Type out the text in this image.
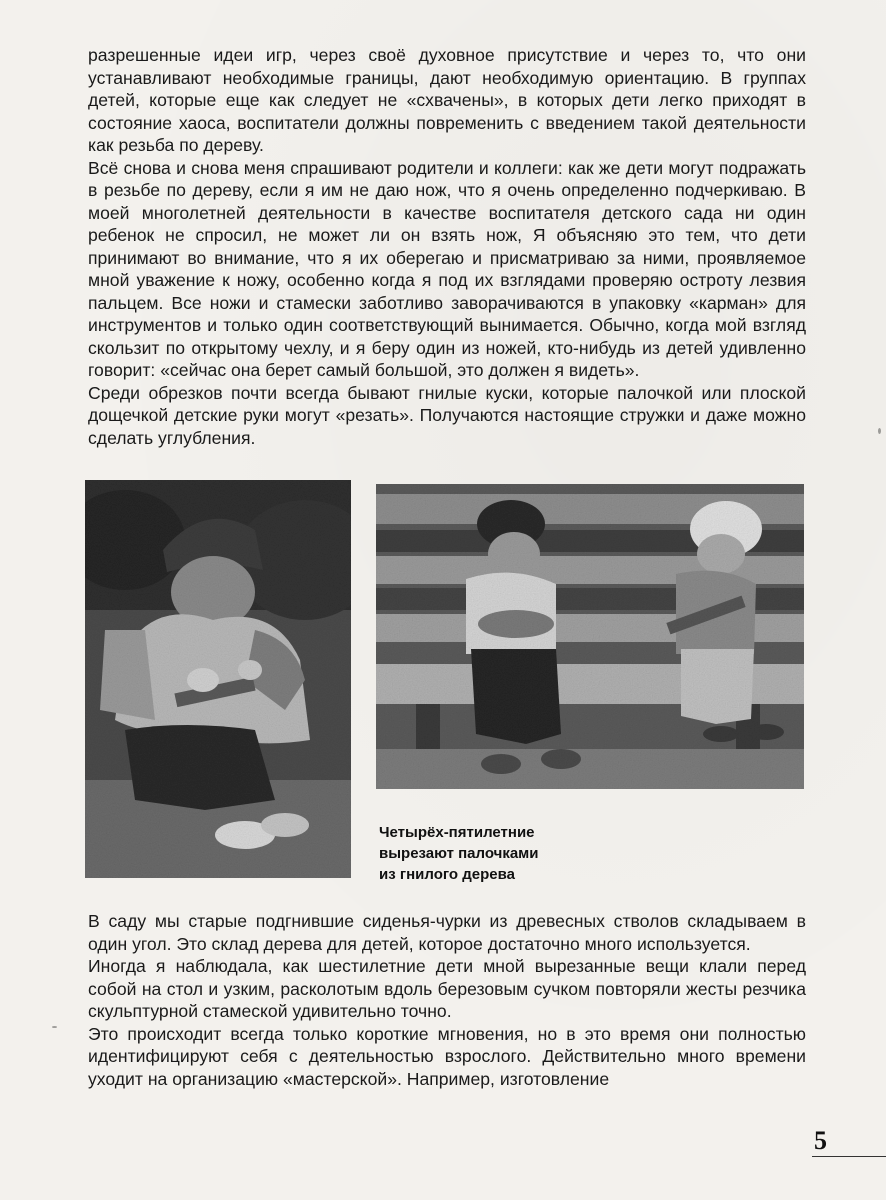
разрешенные идеи игр, через своё духовное присутствие и через то, что они устанавливают необходимые границы, дают необходимую ориентацию. В группах детей, которые еще как следует не «схвачены», в которых дети легко приходят в состояние хаоса, воспитатели должны повременить с введением такой деятельности как резьба по дереву.

Всё снова и снова меня спрашивают родители и коллеги: как же дети могут подражать в резьбе по дереву, если я им не даю нож, что я очень определенно подчеркиваю. В моей многолетней деятельности в качестве воспитателя детского сада ни один ребенок не спросил, не может ли он взять нож, Я объясняю это тем, что дети принимают во внимание, что я их оберегаю и присматриваю за ними, проявляемое мной уважение к ножу, особенно когда я под их взглядами проверяю остроту лезвия пальцем. Все ножи и стамески заботливо заворачиваются в упаковку «карман» для инструментов и только один соответствующий вынимается. Обычно, когда мой взгляд скользит по открытому чехлу, и я беру один из ножей, кто-нибудь из детей удивленно говорит: «сейчас она берет самый большой, это должен я видеть».

Среди обрезков почти всегда бывают гнилые куски, которые палочкой или плоской дощечкой детские руки могут «резать». Получаются настоящие стружки и даже можно сделать углубления.

Четырёх-пятилетние
вырезают палочками
из гнилого дерева

В саду мы старые подгнившие сиденья-чурки из древесных стволов складываем в один угол. Это склад дерева для детей, которое достаточно много используется.

Иногда я наблюдала, как шестилетние дети мной вырезанные вещи клали перед собой на стол и узким, расколотым вдоль березовым сучком повторяли жесты резчика скульптурной стамеской удивительно точно.

Это происходит всегда только короткие мгновения, но в это время они полностью идентифицируют себя с деятельностью взрослого. Действительно много времени уходит на организацию «мастерской». Например, изготовление

5
